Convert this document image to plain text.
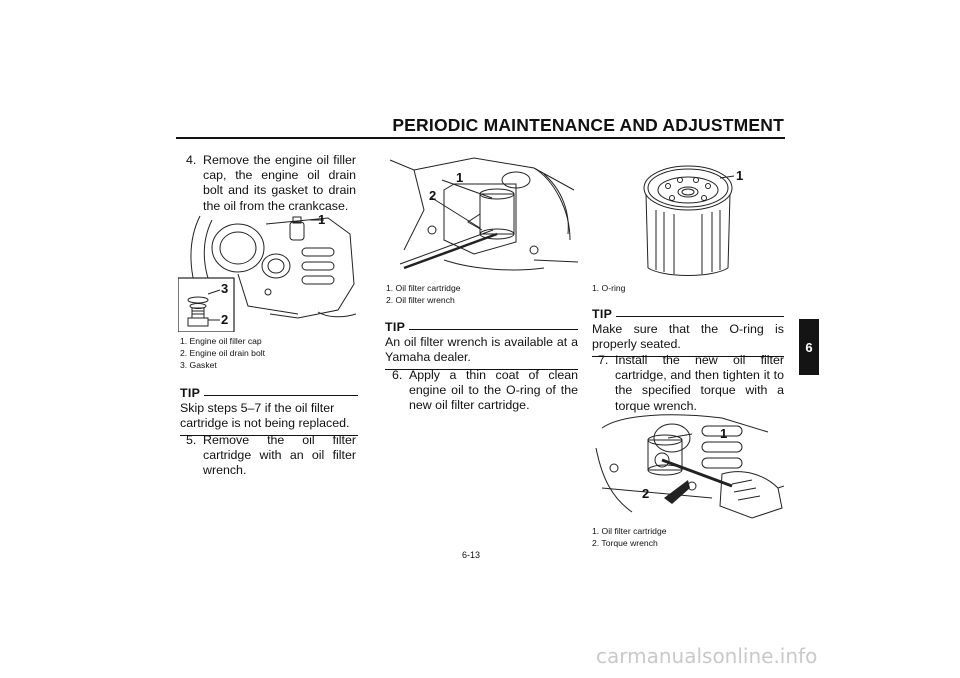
PERIODIC MAINTENANCE AND ADJUSTMENT
6
4. Remove the engine oil filler cap, the engine oil drain bolt and its gasket to drain the oil from the crankcase.
1
3
2
1. Engine oil filler cap
2. Engine oil drain bolt
3. Gasket
TIP
Skip steps 5–7 if the oil filter cartridge is not being replaced.
5. Remove the oil filter cartridge with an oil filter wrench.
1
2
1. Oil filter cartridge
2. Oil filter wrench
TIP
An oil filter wrench is available at a Yamaha dealer.
6. Apply a thin coat of clean engine oil to the O-ring of the new oil filter cartridge.
1
1. O-ring
TIP
Make sure that the O-ring is properly seated.
7. Install the new oil filter cartridge, and then tighten it to the specified torque with a torque wrench.
1
2
1. Oil filter cartridge
2. Torque wrench
6-13
carmanualsonline.info
